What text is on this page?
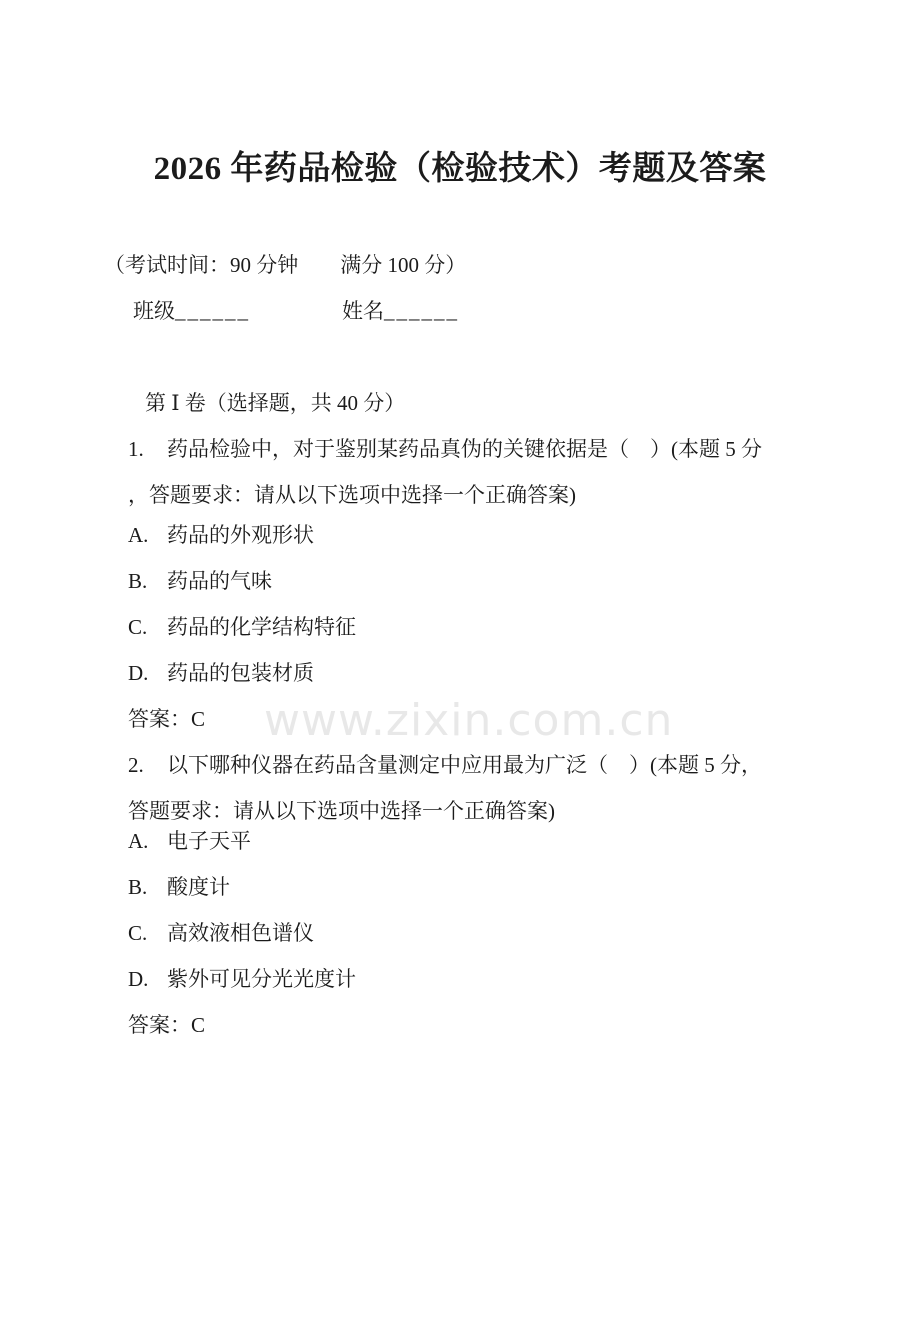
www.zixin.com.cn
2026 年药品检验（检验技术）考题及答案
（考试时间：90 分钟　　满分 100 分）
班级______	姓名______
第 Ⅰ 卷（选择题，共 40 分）
1. 药品检验中，对于鉴别某药品真伪的关键依据是（　）(本题 5 分
，答题要求：请从以下选项中选择一个正确答案)
A. 药品的外观形状
B. 药品的气味
C. 药品的化学结构特征
D. 药品的包装材质
答案：C
2. 以下哪种仪器在药品含量测定中应用最为广泛（　）(本题 5 分，
答题要求：请从以下选项中选择一个正确答案)
A. 电子天平
B. 酸度计
C. 高效液相色谱仪
D. 紫外可见分光光度计
答案：C
